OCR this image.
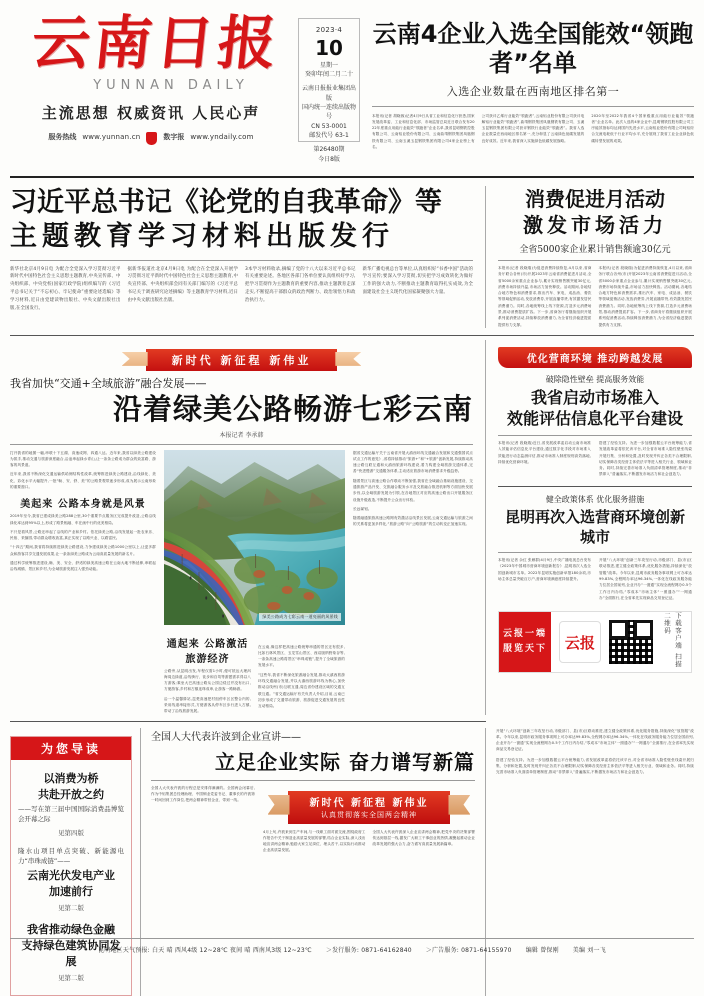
云南日报
YUNNAN DAILY
主流思想 权威资讯 人民心声
服务热线 www.yunnan.cn	数字报 www.yndaily.com
2023·4
10
星期一
癸卯年闰二月二十
云南日报报业集团出版
国内统一连续出版物号
CN 53-0001
邮发代号 63-1
第26480期
今日8版
云南4企业入选全国能效“领跑者”名单
入选企业数量在西南地区排名第一
本报讯(记者 胡晓蓉)记者4月9日从省工业和信息化厅获悉,国家发展改革委、工业和信息化部、市场监管总局近日联合发布2022年度重点用能行业能效“领跑者”企业名单,我省昆明钢铁控股有限公司、云南铝业股份有限公司、云南曲靖钢铁集团凤凰钢铁有限公司、云南玉溪玉昆钢铁集团有限公司4家企业榜上有名。
公司获评乙烯行业能效“领跑者”,云南铝业股份有限公司获评电解铝行业能效“领跑者”,曲靖钢铁集团凤凰钢铁有限公司、玉溪玉昆钢铁集团有限公司获评钢铁行业能效“领跑者”。我省入选企业数量在西南地区排名第一,充分彰显了云南绿色低碳发展的良好成效。近年来,我省深入实施绿色低碳发展战略。
2020年至2022年我省4个国家级重点用能行业能效“领跑者”企业名单。此次入选的4家企业中,昆明钢铁控股有限公司工序能效指标均达到国内先进水平,云南铝业股份有限公司吨铝综合交流电耗低于行业平均水平,充分展现了我省工业企业绿色低碳转型发展的成果。
习近平总书记《论党的自我革命》等
主题教育学习材料出版发行
新华社北京4月9日电 为配合全党深入学习贯彻习近平新时代中国特色社会主义思想主题教育,中央宣传部、中央组织部、中央党校(国家行政学院)组织编写的《习近平总书记关于“不忘初心、牢记使命”重要论述选编》等学习材料,近日由党建读物出版社、中央文献出版社出版,在全国发行。
据新华报道社北京4月9日电 为配合在全党深入开展学习贯彻习近平新时代中国特色社会主义思想主题教育,中央宣传部、中央组织部会同有关部门编写的《习近平总书记关于调查研究论述摘编》等主题教育学习材料,近日由中央文献出版社出版。
3本学习材料收录,摘编了党的十八大以来习近平总书记有关重要论述。各地区各部门各单位要认真组织好学习,把学习贯彻作为主题教育的重要内容,推动主题教育走深走实,不断提高干部群众的政治判断力、政治领悟力和政治执行力。
新华广播电视总台等单位,认真组织好“书香中国”活动的学习宣传;要深入学习贯彻,切实把学习成效转化为做好工作的强大动力,不断推动主题教育取得扎实成效,为全面建设社会主义现代化国家凝聚强大力量。
消费促进月活动
激发市场活力
全省5000家企业累计销售额逾30亿元
本报讯(记者 段晓瑞)为促进消费持续恢复,4月以来,省商务厅联合各州(市)开展2023年云南省消费促进月活动,全省5000余家重点企业参与,累计实现销售额突破30亿元,消费市场持续升温,市场活力加快释放。活动期间,各地结合地方特色和消费需求,推出汽车、家电、成品油、餐饮等领域促销活动,发放消费券,开展直播带货,有效激发居民消费潜力。同时,各地统筹线上线下资源,打造多元消费场景,推动消费提质扩容。下一步,省商务厅将继续组织开展系列促消费活动,持续释放消费潜力,为全省经济稳进提质提供有力支撑。
本报讯(记者 段晓瑞)为促进消费持续恢复,4月以来,省商务厅联合各州(市)开展2023年云南省消费促进月活动,全省5000余家重点企业参与,累计实现销售额突破30亿元,消费市场持续升温,市场活力加快释放。活动期间,各地结合地方特色和消费需求,推出汽车、家电、成品油、餐饮等领域促销活动,发放消费券,开展直播带货,有效激发居民消费潜力。同时,各地统筹线上线下资源,打造多元消费场景,推动消费提质扩容。下一步,省商务厅将继续组织开展系列促消费活动,持续释放消费潜力,为全省经济稳进提质提供有力支撑。
新时代 新征程 新伟业
我省加快“交通+全域旅游”融合发展——
沿着绿美公路畅游七彩云南
本报记者 李承韩
打开我省的地图一幅,串联十下五湖、高速成网、四通八达。近年来,我省以绿美公路建设为抓手,推动交通与旅游深度融合,沿途串起绿水青山,让一条条公路成为群众的致富路、游客的风景道。
近年来,我省不断深化交通运输供给侧结构性改革,统筹推进绿美公路建设,沿线绿化、美化、彩化水平大幅提升,一批“畅、安、舒、美”的公路景观带逐步形成,成为展示云南形象的重要窗口。
美起来 公路本身就是风景
2019年至今,我省已建成绿美公路288公里,30个重要节点服务区完成提升改造,公路沿线绿化率达到95%以上,形成了路景相融、车在画中行的优美格局。
不只是看风景,公路还串起了沿线的产业和乡村。依托绿美公路,沿线发展起一批农家乐、民宿、采摘园,带动群众增收致富,真正实现了以路兴业、以路富民。
“十四五”期间,我省将持续推进绿美公路建设,力争建成绿美公路1000公里以上,让更多群众和游客共享交通发展成果,让一条条绿美公路成为云南高质量发展的新名片。
通过科学统筹推进建设,畅、美、安全、舒适的绿美高速公路在云南大地不断延伸,串联起沿线城镇、景区和乡村,为全域旅游发展注入强劲动能。
绿美公路成为七彩云南一道亮丽的风景线
通起来 公路激活旅游经济
公路旁,从昆明出发,车程仅需1小时,便可抵达大理洱海周边绿道,沿线骑行、徒步和自驾等游憩需求得以八方游客;乘坐大巴高速公路从公园边绕过并没有出口,方便游客,乡村和古镇连珠成串,让游客一路畅游。
沿一个温馨驿站,昆楚高速把村组停车区区整合内的,采用线道串接形式,方便游客从停车区步行进入古镇,带动了沿线旅游发展。
在云南,像这样把高速公路统筹串通的景区还有很多,比如石林风景区、玉龙雪山景区、西双版纳野象谷等,一条条高速公路将景区“串珠成链”,提升了全域旅游的发展水平。
“这些年,我省不断深化旅游融合发展,推动大滇西旅游环线交通融合发展,并以大滇西旅游环线为核心,加快推动沿线州(市)互联互通,周边省份建设区域的交通互联互通。”省交通运输厅有关负责人介绍,目前,云南已初步形成了交通带动旅游、旅游促进交通发展的良性互动格局。
据省交通运输厅关于云南省开展大滇西环线交通融合发展和交通强国试点试点工作的意见》,省将持续推动“旅游+”和“+旅游”创新发展,持续推动高速公路互联互通和大滇西旅游环线建设,着力构建全域旅游交通体系,完善“快进慢游”交通服务体系,主动适应旅游市场消费需求升级趋势。
随着景区与高速公路合作联动不断加强,我省在全域融合基础设施建设、交通旅游产品开发、交旅融合服务水平及交旅融合推进机制等方面加快发展步伐,以全域旅游发展为引领,在各地景区对应的高速公路出口开展服务区设施升级改造,不断提升公众出行体验。
长远谋划。
随着融通旅游高速公路网有效激活沿线景区发展,云南交通运输与旅游之间的关系将更加多样化,“旅游公路”向“公路旅游”的生动转变正加速实现。
优化营商环境 推动跨越发展
破除隐性壁垒 提高服务效能
我省启动市场准入
效能评估信息化平台建设
本报讯(记者 段晓瑞)近日,省发展改革委启动云南市场准入效能评估信息化平台建设,通过数字化手段对市场准入效能进行动态监测评估,推动市场准入制度规则高效落地,持续优化营商环境。
搭建了经验支持。为进一步加强数据云平台统筹能力,省发展改革委将依托该平台,对全省市场准入隐性壁垒线索开展归集、分析和处置,及时发现并纠正各类不合理限制,切实保障各类经营主体依法平等进入相关行业、领域和业务。同时,持续完善市场准入负面清单管理制度,推动“非禁即入”普遍落实,不断激发市场活力和社会创造力。
健全政策体系 优化服务措施
昆明再次入选营商环境创新城市
本报讯(记者 余红 张雁群)4月9日,中央广播电视总台发布《2023年中国城市营商环境创新报告》,昆明再次入选全国创新城市名单。2022年昆明实施创新举措180余项,市场主体总量突破百万户,营商环境满意度持续提升。
开展“八大环境”创新三年攻坚行动,市级部门、县(市)区联动推进,建立健全政策体系,优化服务措施,持续深化“放管服”改革。今年以来,昆明市政务服务事项网上可办率达99.83%,全程网办率达96.34%,一体化在线政务服务能力位居全国前列,企业开办“一窗通”实现全流程网办0.5个工作日内办结,“零成本”市场主体“一照通办”“一网通办”全面推行,在全省率先实现商品交易登记证。
云报一端
服览天下	云报	下载客户端 扫描二维码
为您导读
以消费为桥
共赴开放之约
——写在第三届中国国际消费品博览会开幕之际
见第四版
隆水山项目单点突破、新能源电力“串珠成链”——
云南光伏发电产业
加速前行
见第二版
我省推动绿色金融
支持绿色建筑协同发展
见第二版
全国人大代表许波到企业宣讲——
立足企业实际 奋力谱写新篇
全国人大代表许波的行程总是安排得满满的。全国两会闭幕后,作为中铝集团总经理助理、中国铜业党委书记、董事长的许波第一时间回到工作岗位,把两会精神带回企业、带到一线。	新时代 新征程 新伟业
认真贯彻落实全国两会精神
4月上旬,许波来到生产车间,与一线职工面对面交流,围绕政府工作报告中关于制造业高质量发展的部署,结合企业实际,深入浅出地宣讲两会精神,勉励大家立足岗位、埋头苦干,以实际行动推动企业高质量发展。
全国人大代表许波深入企业宣讲两会精神,把党中央的决策部署传达到基层一线,激发广大职工干事创业的热情,凝聚起推动企业改革发展的强大合力,奋力谱写高质量发展新篇章。
开展“八大环境”创新三年攻坚行动,市级部门、县(市)区联动推进,建立健全政策体系,优化服务措施,持续深化“放管服”改革。今年以来,昆明市政务服务事项网上可办率达99.83%,全程网办率达96.34%,一体化在线政务服务能力位居全国前列,企业开办“一窗通”实现全流程网办0.5个工作日内办结,“零成本”市场主体“一照通办”“一网通办”全面推行,在全省率先实现商品交易登记证。
搭建了经验支持。为进一步加强数据云平台统筹能力,省发展改革委将依托该平台,对全省市场准入隐性壁垒线索开展归集、分析和处置,及时发现并纠正各类不合理限制,切实保障各类经营主体依法平等进入相关行业、领域和业务。同时,持续完善市场准入负面清单管理制度,推动“非禁即入”普遍落实,不断激发市场活力和社会创造力。
昆明地区天气预报: 白天 晴 西风4级 12~28℃ 夜间 晴 西南风3级 12~23℃ ＞发行服务: 0871-64162840 ＞广告服务: 0871-64155970 编辑 曾保刚 美编 刘一飞
